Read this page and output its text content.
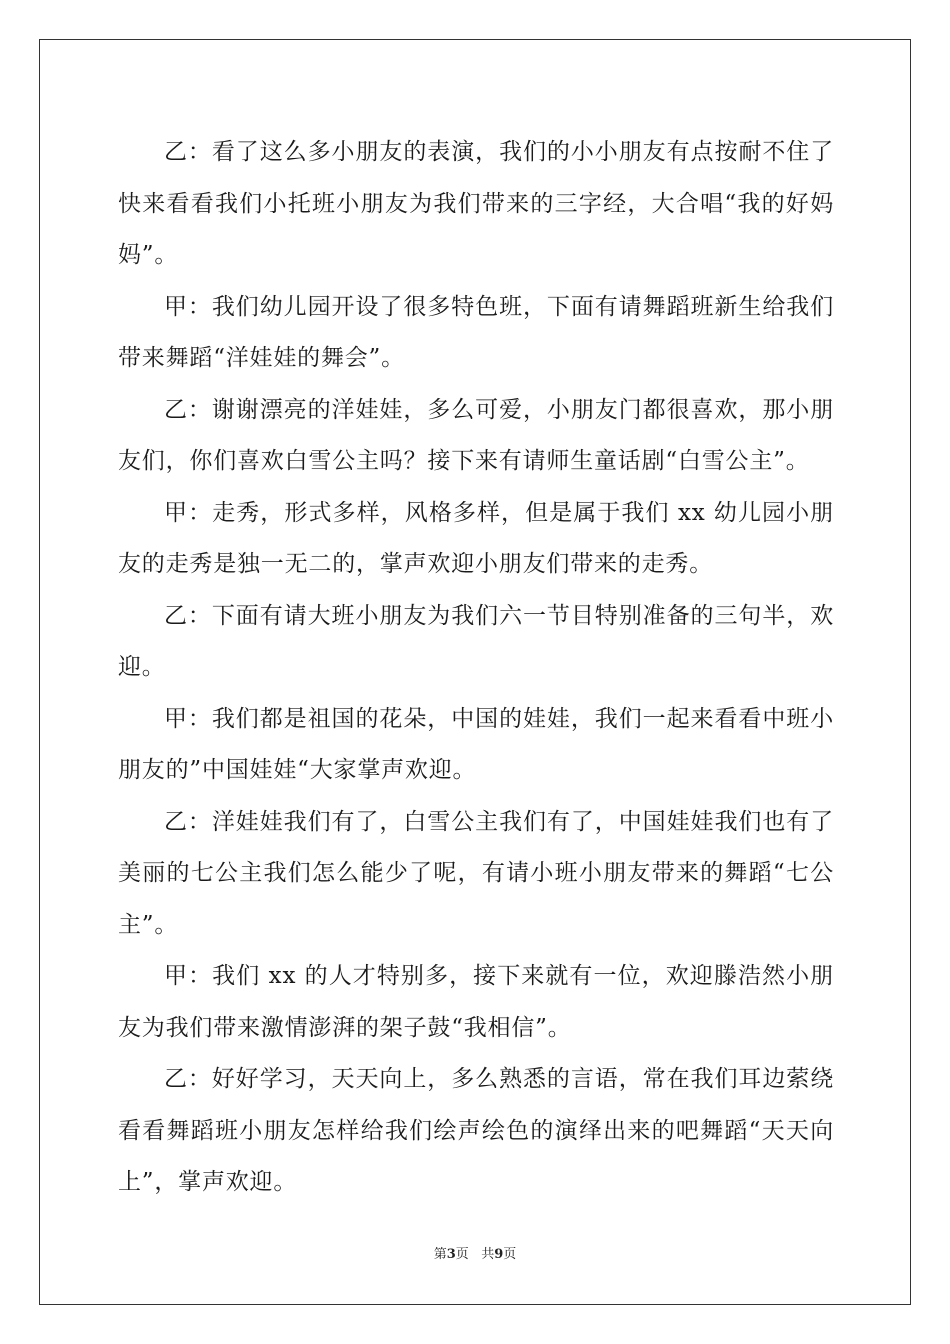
乙：看了这么多小朋友的表演，我们的小小朋友有点按耐不住了快来看看我们小托班小朋友为我们带来的三字经，大合唱“我的好妈妈”。

甲：我们幼儿园开设了很多特色班，下面有请舞蹈班新生给我们带来舞蹈“洋娃娃的舞会”。

乙：谢谢漂亮的洋娃娃，多么可爱，小朋友门都很喜欢，那小朋友们，你们喜欢白雪公主吗？接下来有请师生童话剧“白雪公主”。

甲：走秀，形式多样，风格多样，但是属于我们 xx 幼儿园小朋友的走秀是独一无二的，掌声欢迎小朋友们带来的走秀。

乙：下面有请大班小朋友为我们六一节目特别准备的三句半，欢迎。

甲：我们都是祖国的花朵，中国的娃娃，我们一起来看看中班小朋友的”中国娃娃“大家掌声欢迎。

乙：洋娃娃我们有了，白雪公主我们有了，中国娃娃我们也有了美丽的七公主我们怎么能少了呢，有请小班小朋友带来的舞蹈“七公主”。

甲：我们 xx 的人才特别多，接下来就有一位，欢迎滕浩然小朋友为我们带来激情澎湃的架子鼓“我相信”。

乙：好好学习，天天向上，多么熟悉的言语，常在我们耳边萦绕看看舞蹈班小朋友怎样给我们绘声绘色的演绎出来的吧舞蹈“天天向上”，掌声欢迎。

第3页 共9页
